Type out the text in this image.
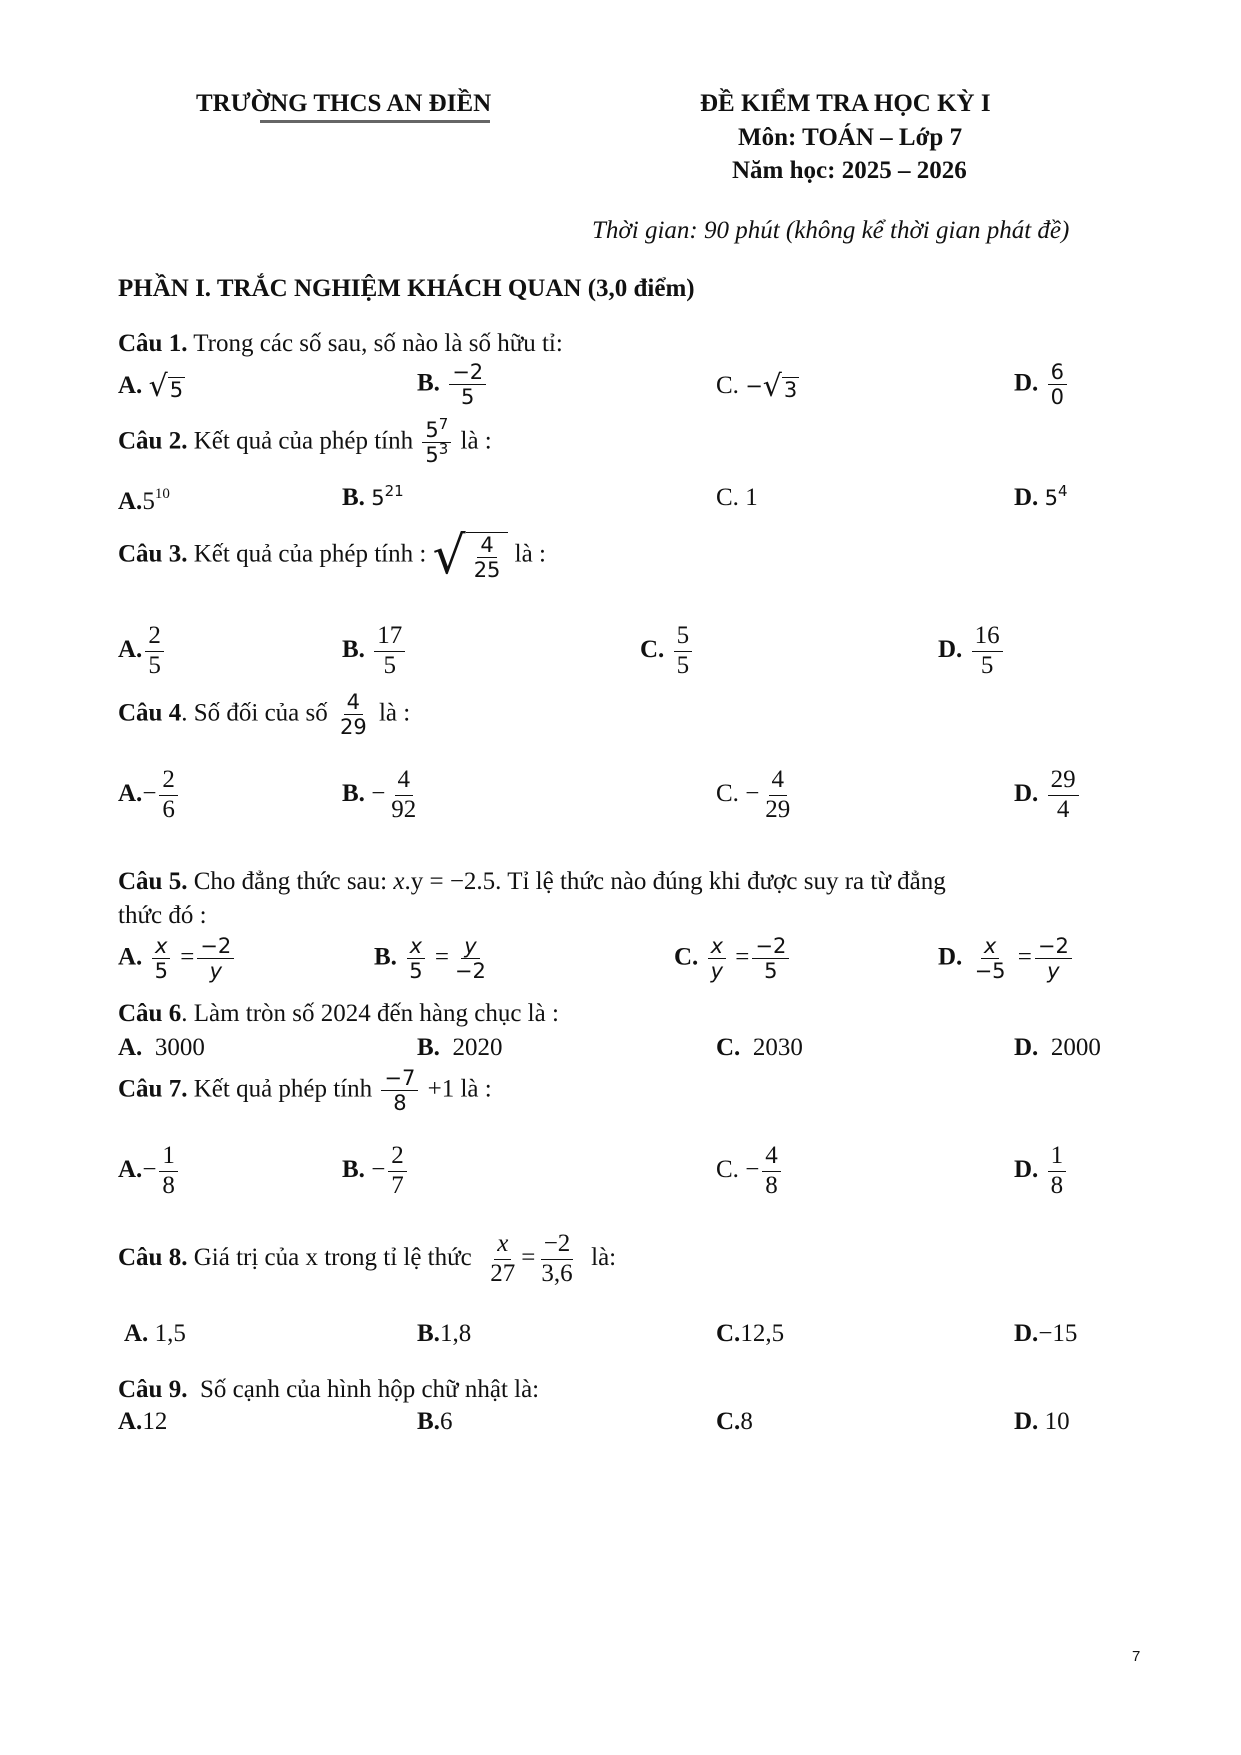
TRƯỜNG THCS AN ĐIỀN	ĐỀ KIỂM TRA HỌC KỲ I
Môn: TOÁN – Lớp 7
Năm học: 2025 – 2026
Thời gian: 90 phút (không kể thời gian phát đề)
PHẦN I. TRẮC NGHIỆM KHÁCH QUAN (3,0 điểm)
Câu 1. Trong các số sau, số nào là số hữu tỉ:
A. √ 5	B. $\frac{-2}{5}$	C. − √ 3	D. $\frac{6}{0}$
Câu 2. Kết quả của phép tính $\frac{5^7}{5^3}$ là :
$A.5^{10}$	B. $5^{21}$	C. 1	D. $5^4$
Câu 3. Kết quả của phép tính : √ $\frac{4}{25}$ là :
A. $\frac{2}{5}$	B. $\frac{17}{5}$	C. $\frac{5}{5}$	D. $\frac{16}{5}$
Câu 4. Số đối của số $\frac{4}{29}$ là :
$A.- \frac{2}{6}$	B. − $\frac{4}{92}$	C. − $\frac{4}{29}$	D. $\frac{29}{4}$
Câu 5. Cho đẳng thức sau: x.y = −2.5. Tỉ lệ thức nào đúng khi được suy ra từ đẳng
thức đó :
A. $\frac{x}{5} = \frac{-2}{y}$	B. $\frac{x}{5} = \frac{y}{-2}$	C. $\frac{x}{y} = \frac{-2}{5}$	D. $\frac{x}{-5} = \frac{-2}{y}$
Câu 6. Làm tròn số 2024 đến hàng chục là :
A. 3000	B. 2020	C. 2030	D. 2000
Câu 7. Kết quả phép tính $\frac{-7}{8} +1$ là :
$A.- \frac{1}{8}$	B. − $\frac{2}{7}$	C. − $\frac{4}{8}$	D. $\frac{1}{8}$
Câu 8. Giá trị của x trong tỉ lệ thức $\frac{x}{27} = \frac{-2}{3,6}$ là:
A. 1,5	B.1,8	C.12,5	D.−15
Câu 9. Số cạnh của hình hộp chữ nhật là:
A.12	B.6	C.8	D. 10
7
